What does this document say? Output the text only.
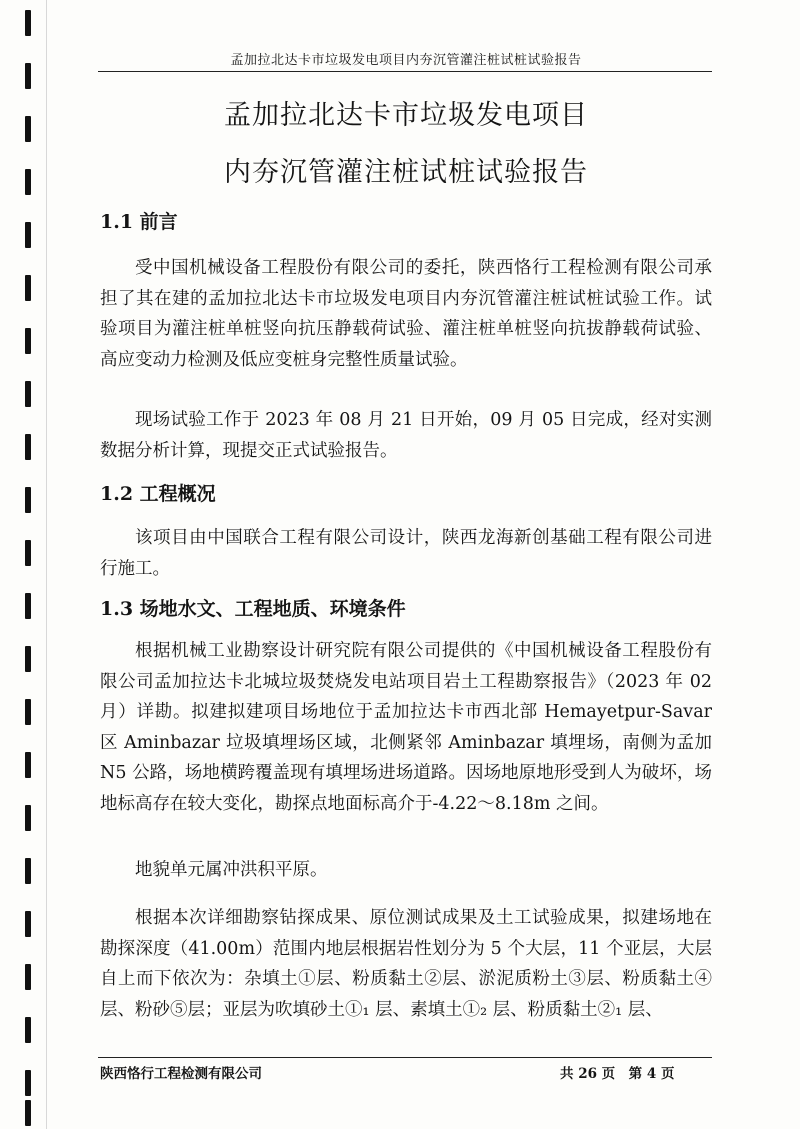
孟加拉北达卡市垃圾发电项目内夯沉管灌注桩试桩试验报告
孟加拉北达卡市垃圾发电项目
内夯沉管灌注桩试桩试验报告
1.1 前言

受中国机械设备工程股份有限公司的委托，陕西恪行工程检测有限公司承担了其在建的孟加拉北达卡市垃圾发电项目内夯沉管灌注桩试桩试验工作。试验项目为灌注桩单桩竖向抗压静载荷试验、灌注桩单桩竖向抗拔静载荷试验、高应变动力检测及低应变桩身完整性质量试验。

现场试验工作于 2023 年 08 月 21 日开始，09 月 05 日完成，经对实测数据分析计算，现提交正式试验报告。

1.2 工程概况

该项目由中国联合工程有限公司设计，陕西龙海新创基础工程有限公司进行施工。

1.3 场地水文、工程地质、环境条件

根据机械工业勘察设计研究院有限公司提供的《中国机械设备工程股份有限公司孟加拉达卡北城垃圾焚烧发电站项目岩土工程勘察报告》（2023 年 02 月）详勘。拟建拟建项目场地位于孟加拉达卡市西北部 Hemayetpur-Savar 区 Aminbazar 垃圾填埋场区域，北侧紧邻 Aminbazar 填埋场，南侧为孟加 N5 公路，场地横跨覆盖现有填埋场进场道路。因场地原地形受到人为破坏，场地标高存在较大变化，勘探点地面标高介于-4.22～8.18m 之间。

地貌单元属冲洪积平原。

根据本次详细勘察钻探成果、原位测试成果及土工试验成果，拟建场地在勘探深度（41.00m）范围内地层根据岩性划分为 5 个大层，11 个亚层，大层自上而下依次为：杂填土①层、粉质黏土②层、淤泥质粉土③层、粉质黏土④层、粉砂⑤层；亚层为吹填砂土①₁ 层、素填土①₂ 层、粉质黏土②₁ 层、

陕西恪行工程检测有限公司	共 26 页　第 4 页
